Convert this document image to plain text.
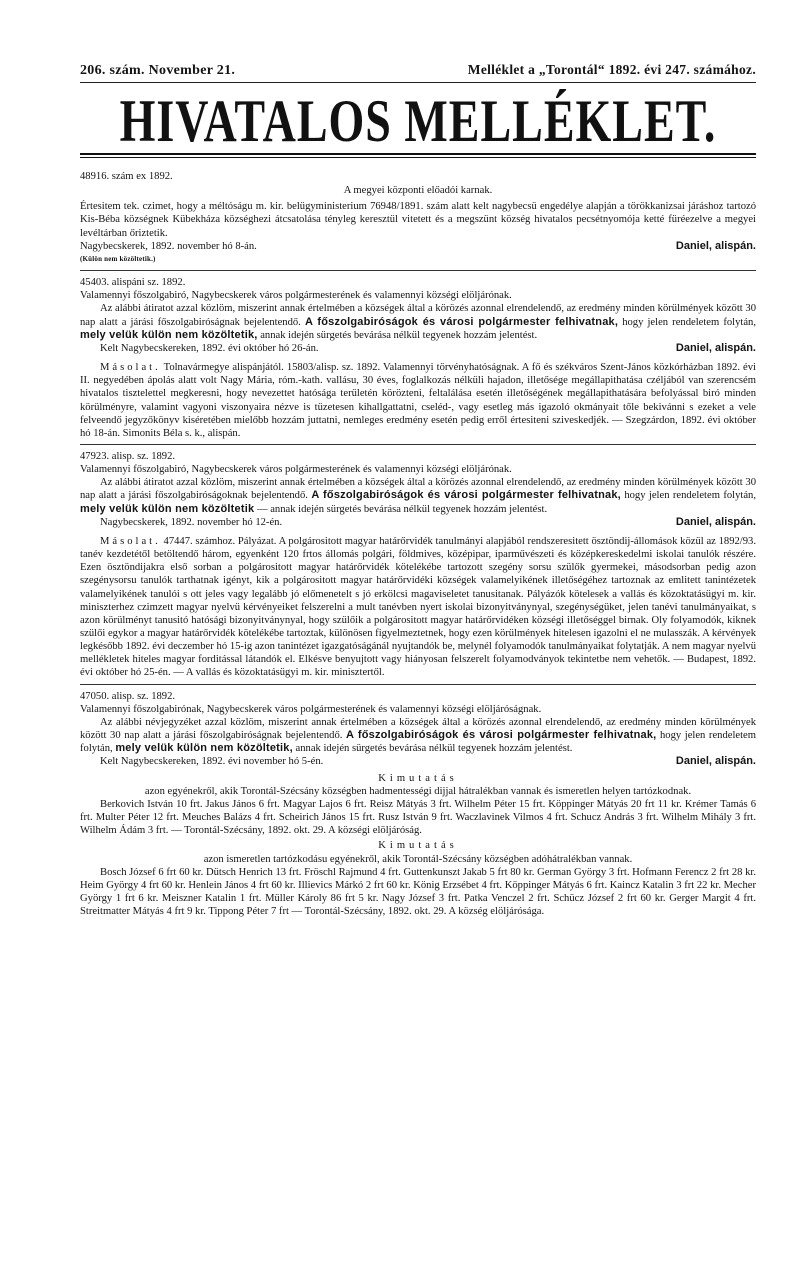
206. szám. November 21.	Melléklet a „Torontál“ 1892. évi 247. számához.
HIVATALOS MELLÉKLET.
48916. szám ex 1892.
A megyei központi előadói karnak.
Értesitem tek. czimet, hogy a méltóságu m. kir. belügyministerium 76948/1891. szám alatt kelt nagybecsü engedélye alapján a törökkanizsai járáshoz tartozó Kis-Béba községnek Kübekháza községhezi átcsatolása tényleg keresztül vitetett és a megszünt község hivatalos pecsétnyomója ketté füréezelve a megyei levéltárban őriztetik.
Nagybecskerek, 1892. november hó 8-án.	Daniel, alispán.
(Külön nem közöltetik.)
45403. alispáni sz. 1892.
Valamennyi főszolgabiró, Nagybecskerek város polgármesterének és valamennyi községi elöljárónak.
Az alábbi átiratot azzal közlöm, miszerint annak értelmében a községek által a körözés azonnal elrendelendő, az eredmény minden körülmények között 30 nap alatt a járási főszolgabiróságnak bejelentendő. A főszolgabiróságok és városi polgármester felhivatnak, hogy jelen rendeletem folytán, mely velük külön nem közöltetik, annak idején sürgetés bevárása nélkül tegyenek hozzám jelentést.
Kelt Nagybecskereken, 1892. évi október hó 26-án.	Daniel, alispán.
Másolat. Tolnavármegye alispánjától. 15803/alisp. sz. 1892. Valamennyi törvényhatóságnak. A fő és székváros Szent-János közkórházban 1892. évi II. negyedében ápolás alatt volt Nagy Mária, róm.-kath. vallásu, 30 éves, foglalkozás nélküli hajadon, illetősége megállapithatása czéljából van szerencsém hivatalos tisztelettel megkeresni, hogy nevezettet hatósága területén körözteni, feltalálása esetén illetőségének megállapithatására befolyással biró minden körülményre, valamint vagyoni viszonyaira nézve is tüzetesen kihallgattatni, cseléd-, vagy esetleg más igazoló okmányait tőle bekivánni s ezeket a vele felveendő jegyzőkönyv kiséretében mielőbb hozzám juttatni, nemleges eredmény esetén pedig erről értesiteni sziveskedjék. — Szegzárdon, 1892. évi október hó 18-án. Simonits Béla s. k., alispán.
47923. alisp. sz. 1892.
Valamennyi főszolgabiró, Nagybecskerek város polgármesterének és valamennyi községi elöljárónak.
Az alábbi átiratot azzal közlöm, miszerint annak értelmében a községek által a körözés azonnal elrendelendő, az eredmény minden körülmények között 30 nap alatt a járási főszolgabiróságoknak bejelentendő. A főszolgabiróságok és városi polgármester felhivatnak, hogy jelen rendeletem folytán, mely velük külön nem közöltetik — annak idején sürgetés bevárása nélkül tegyenek hozzám jelentést.
Nagybecskerek, 1892. november hó 12-én.	Daniel, alispán.
Másolat. 47447. számhoz. Pályázat. A polgárositott magyar határőrvidék tanulmányi alapjából rendszeresitett ösztöndij-állomások közül az 1892/93. tanév kezdetétől betöltendő három, egyenként 120 frtos állomás polgári, földmives, középipar, iparművészeti és középkereskedelmi iskolai tanulók részére. Ezen ösztöndijakra első sorban a polgárositott magyar határőrvidék kötelékébe tartozott szegény sorsu szülők gyermekei, másodsorban pedig azon szegénysorsu tanulók tarthatnak igényt, kik a polgárositott magyar határőrvidéki községek valamelyikének illetőségéhez tartoznak az emlitett tanintézetek valamelyikének tanulói s ott jeles vagy legalább jó előmenetelt s jó erkölcsi magaviseletet tanusitanak. Pályázók kötelesek a vallás és közoktatásügyi m. kir. miniszterhez czimzett magyar nyelvü kérvényeiket felszerelni a mult tanévben nyert iskolai bizonyitványnyal, szegénységüket, jelen tanévi tanulmányaikat, s azon körülményt tanusitó hatósági bizonyitványnyal, hogy szülőik a polgárositott magyar határőrvidéken községi illetőséggel birnak. Oly folyamodók, kiknek szülői egykor a magyar határőrvidék kötelékébe tartoztak, különösen figyelmeztetnek, hogy ezen körülmények hitelesen igazolni el ne mulasszák. A kérvények legkésőbb 1892. évi deczember hó 15-ig azon tanintézet igazgatóságánál nyujtandók be, melynél folyamodók tanulmányaikat folytatják. A nem magyar nyelvü mellékletek hiteles magyar forditással látandók el. Elkésve benyujtott vagy hiányosan felszerelt folyamodványok tekintetbe nem vehetők. — Budapest, 1892. évi október hó 25-én. — A vallás és közoktatásügyi m. kir. minisztertől.
47050. alisp. sz. 1892.
Valamennyi főszolgabirónak, Nagybecskerek város polgármesterének és valamennyi községi elöljáróságnak.
Az alábbi névjegyzéket azzal közlöm, miszerint annak értelmében a községek által a körözés azonnal elrendelendő, az eredmény minden körülmények között 30 nap alatt a járási főszolgabiróságnak bejelentendő. A főszolgabiróságok és városi polgármester felhivatnak, hogy jelen rendeletem folytán, mely velük külön nem közöltetik, annak idején sürgetés bevárása nélkül tegyenek hozzám jelentést.
Kelt Nagybecskereken, 1892. évi november hó 5-én.	Daniel, alispán.
Kimutatás
azon egyénekről, akik Torontál-Szécsány községben hadmentességi dijjal hátralékban vannak és ismeretlen helyen tartózkodnak.
Berkovich István 10 frt. Jakus János 6 frt. Magyar Lajos 6 frt. Reisz Mátyás 3 frt. Wilhelm Péter 15 frt. Köppinger Mátyás 20 frt 11 kr. Krémer Tamás 6 frt. Multer Péter 12 frt. Meuches Balázs 4 frt. Scheirich János 15 frt. Rusz István 9 frt. Waczlavinek Vilmos 4 frt. Schucz András 3 frt. Wilhelm Mihály 3 frt. Wilhelm Ádám 3 frt. — Torontál-Szécsány, 1892. okt. 29. A községi elöljáróság.
Kimutatás
azon ismeretlen tartózkodásu egyénekről, akik Torontál-Szécsány községben adóhátralékban vannak.
Bosch József 6 frt 60 kr. Dütsch Henrich 13 frt. Fröschl Rajmund 4 frt. Guttenkunszt Jakab 5 frt 80 kr. German György 3 frt. Hofmann Ferencz 2 frt 28 kr. Heim György 4 frt 60 kr. Henlein János 4 frt 60 kr. Illievics Márkó 2 frt 60 kr. König Erzsébet 4 frt. Köppinger Mátyás 6 frt. Kaincz Katalin 3 frt 22 kr. Mecher György 1 frt 6 kr. Meiszner Katalin 1 frt. Müller Károly 86 frt 5 kr. Nagy József 3 frt. Patka Venczel 2 frt. Schücz József 2 frt 60 kr. Gerger Margit 4 frt. Streitmatter Mátyás 4 frt 9 kr. Tippong Péter 7 frt — Torontál-Szécsány, 1892. okt. 29. A község elöljárósága.
